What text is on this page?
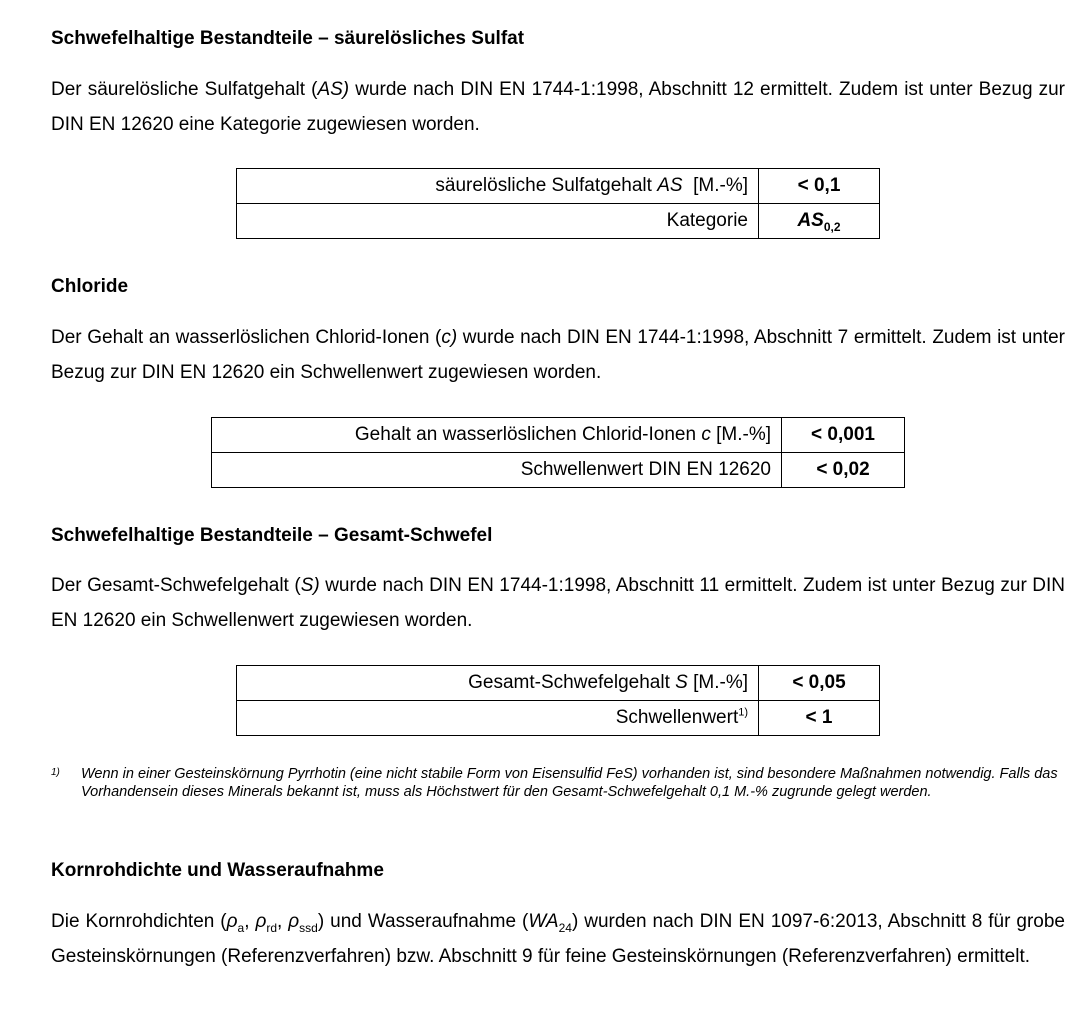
Schwefelhaltige Bestandteile – säurelösliches Sulfat

Der säurelösliche Sulfatgehalt (AS) wurde nach DIN EN 1744-1:1998, Abschnitt 12 ermittelt. Zudem ist unter Bezug zur DIN EN 12620 eine Kategorie zugewiesen worden.

säurelösliche Sulfatgehalt AS  [M.-%]	< 0,1
Kategorie	$AS_{0,2}$
Chloride

Der Gehalt an wasserlöslichen Chlorid-Ionen (c) wurde nach DIN EN 1744-1:1998, Abschnitt 7 ermittelt. Zudem ist unter Bezug zur DIN EN 12620 ein Schwellenwert zugewiesen worden.

Gehalt an wasserlöslichen Chlorid-Ionen c [M.-%]	< 0,001
Schwellenwert DIN EN 12620	< 0,02
Schwefelhaltige Bestandteile – Gesamt-Schwefel

Der Gesamt-Schwefelgehalt (S) wurde nach DIN EN 1744-1:1998, Abschnitt 11 ermittelt. Zudem ist unter Bezug zur DIN EN 12620 ein Schwellenwert zugewiesen worden.

Gesamt-Schwefelgehalt S [M.-%]	< 0,05
Schwellenwert$^{1)}$	< 1
1) Wenn in einer Gesteinskörnung Pyrrhotin (eine nicht stabile Form von Eisensulfid FeS) vorhanden ist, sind besondere Maßnahmen notwendig. Falls das Vorhandensein dieses Minerals bekannt ist, muss als Höchstwert für den Gesamt-Schwefelgehalt 0,1 M.-% zugrunde gelegt werden.
Kornrohdichte und Wasseraufnahme

Die Kornrohdichten ($\rho_a$, $\rho_{rd}$, $\rho_{ssd}$) und Wasseraufnahme $(WA_{24})$ wurden nach DIN EN 1097-6:2013, Abschnitt 8 für grobe Gesteinskörnungen (Referenzverfahren) bzw. Abschnitt 9 für feine Gesteinskörnungen (Referenzverfahren) ermittelt.
